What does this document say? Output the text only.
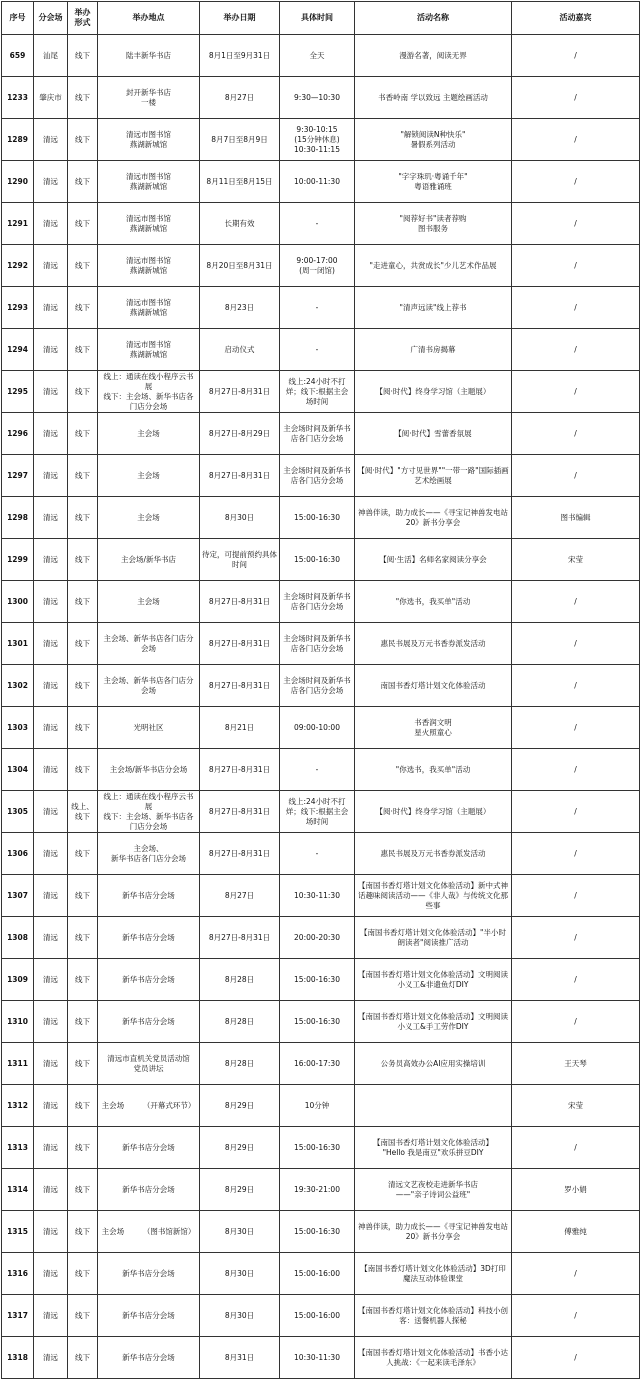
序号	分会场	举办
形式	举办地点	举办日期	具体时间	活动名称	活动嘉宾
659	汕尾	线下	陆丰新华书店	8月1日至9月31日	全天	漫游名著，阅读无界	/
1233	肇庆市	线下	封开新华书店
一楼	8月27日	9:30—10:30	书香岭南 学以致远 主题绘画活动	/
1289	清远	线下	清远市图书馆
燕湖新城馆	8月7日至8月9日	9:30-10:15
(15分钟休息)
10:30-11:15	"解锁阅读N种快乐"
暑假系列活动	/
1290	清远	线下	清远市图书馆
燕湖新城馆	8月11日至8月15日	10:00-11:30	"字字珠玑·粤诵千年"
粤语雅诵班	/
1291	清远	线下	清远市图书馆
燕湖新城馆	长期有效	-	"阅荐好书"读者荐购
图书服务	/
1292	清远	线下	清远市图书馆
燕湖新城馆	8月20日至8月31日	9:00-17:00
(周一闭馆)	"走进童心，共赏成长"少儿艺术作品展	/
1293	清远	线下	清远市图书馆
燕湖新城馆	8月23日	-	"清声远读"线上荐书	/
1294	清远	线下	清远市图书馆
燕湖新城馆	启动仪式	-	广清书房揭幕	/
1295	清远	线下	线上：通读在线小程序云书展
线下：主会场、新华书店各门店分会场	8月27日-8月31日	线上:24小时不打烊；线下:根据主会场时间	【阅·时代】终身学习馆（主题展）	/
1296	清远	线下	主会场	8月27日-8月29日	主会场时间及新华书店各门店分会场	【阅·时代】雪蕾香氛展	/
1297	清远	线下	主会场	8月27日-8月31日	主会场时间及新华书店各门店分会场	【阅·时代】"方寸见世界""一带一路"国际插画艺术绘画展	/
1298	清远	线下	主会场	8月30日	15:00-16:30	神兽伴读，助力成长——《寻宝记神兽发电站20》新书分享会	图书编辑
1299	清远	线下	主会场/新华书店	待定，可提前预约具体时间	15:00-16:30	【阅·生活】名师名家阅读分享会	宋莹
1300	清远	线下	主会场	8月27日-8月31日	主会场时间及新华书店各门店分会场	"你选书，我买单"活动	/
1301	清远	线下	主会场、新华书店各门店分会场	8月27日-8月31日	主会场时间及新华书店各门店分会场	惠民书展及万元书香券派发活动	/
1302	清远	线下	主会场、新华书店各门店分会场	8月27日-8月31日	主会场时间及新华书店各门店分会场	南国书香灯塔计划文化体验活动	/
1303	清远	线下	光明社区	8月21日	09:00-10:00	书香润文明
星火照童心	/
1304	清远	线下	主会场/新华书店分会场	8月27日-8月31日	-	"你选书，我买单"活动	/
1305	清远	线上、
线下	线上：通读在线小程序云书展
线下：主会场、新华书店各门店分会场	8月27日-8月31日	线上:24小时不打烊；线下:根据主会场时间	【阅·时代】终身学习馆（主题展）	/
1306	清远	线下	主会场、
新华书店各门店分会场	8月27日-8月31日	-	惠民书展及万元书香券派发活动	/
1307	清远	线下	新华书店分会场	8月27日	10:30-11:30	【南国书香灯塔计划文化体验活动】新中式神话趣味阅读活动——《非人哉》与传统文化那些事	/
1308	清远	线下	新华书店分会场	8月27日-8月31日	20:00-20:30	【南国书香灯塔计划文化体验活动】"半小时朗读者"阅读推广活动	/
1309	清远	线下	新华书店分会场	8月28日	15:00-16:30	【南国书香灯塔计划文化体验活动】文明阅读小义工&非遗鱼灯DIY	/
1310	清远	线下	新华书店分会场	8月28日	15:00-16:30	【南国书香灯塔计划文化体验活动】文明阅读小义工&手工劳作DIY	/
1311	清远	线下	清远市直机关党员活动馆
党员讲坛	8月28日	16:00-17:30	公务员高效办公AI应用实操培训	王天琴
1312	清远	线下	主会场　　　（开幕式环节）	8月29日	10分钟		宋莹
1313	清远	线下	新华书店分会场	8月29日	15:00-16:30	【南国书香灯塔计划文化体验活动】
"Hello 我是南豆"欢乐拼豆DIY	/
1314	清远	线下	新华书店分会场	8月29日	19:30-21:00	清远文艺夜校走进新华书店
——"亲子诗词公益班"	罗小娟
1315	清远	线下	主会场　　　（图书馆新馆）	8月30日	15:00-16:30	神兽伴读，助力成长——《寻宝记神兽发电站20》新书分享会	傅雅纯
1316	清远	线下	新华书店分会场	8月30日	15:00-16:00	【南国书香灯塔计划文化体验活动】3D打印魔法互动体验课堂	/
1317	清远	线下	新华书店分会场	8月30日	15:00-16:00	【南国书香灯塔计划文化体验活动】科技小创客：送餐机器人探秘	/
1318	清远	线下	新华书店分会场	8月31日	10:30-11:30	【南国书香灯塔计划文化体验活动】书香小达人挑战：《一起来读毛泽东》	/
